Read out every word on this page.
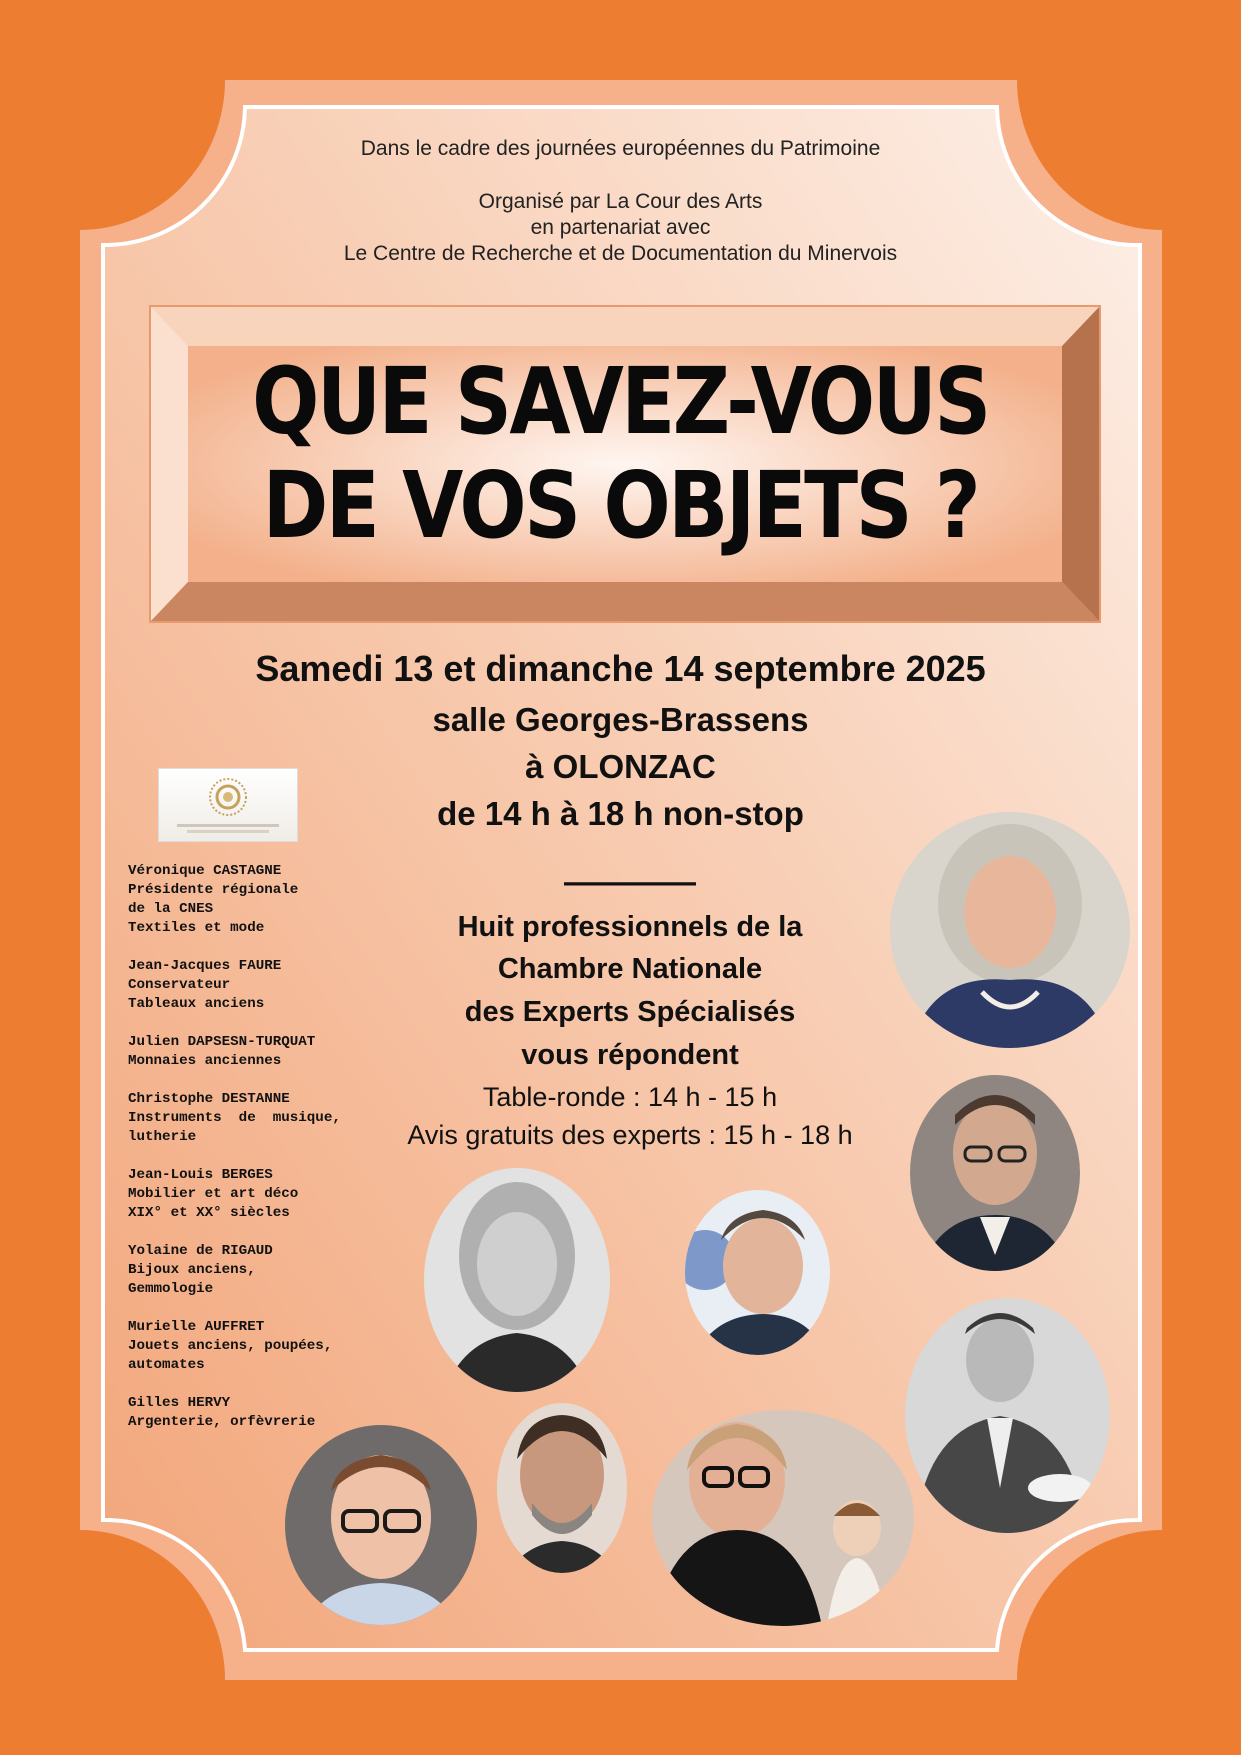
Dans le cadre des journées européennes du Patrimoine
Organisé par La Cour des Arts
en partenariat avec
Le Centre de Recherche et de Documentation du Minervois
QUE SAVEZ-VOUS
DE VOS OBJETS ?
Samedi 13 et dimanche 14 septembre 2025
salle Georges-Brassens
à OLONZAC
de 14 h à 18 h non-stop
————
Huit professionnels de la
Chambre Nationale
des Experts Spécialisés
vous répondent
Table-ronde : 14 h - 15 h
Avis gratuits des experts : 15 h - 18 h
Véronique CASTAGNE
Présidente régionale
de la CNES
Textiles et mode
Jean-Jacques FAURE
Conservateur
Tableaux anciens
Julien DAPSESN-TURQUAT
Monnaies anciennes
Christophe DESTANNE
Instruments  de  musique,
lutherie
Jean-Louis BERGES
Mobilier et art déco
XIX° et XX° siècles
Yolaine de RIGAUD
Bijoux anciens,
Gemmologie
Murielle AUFFRET
Jouets anciens, poupées,
automates
Gilles HERVY
Argenterie, orfèvrerie
